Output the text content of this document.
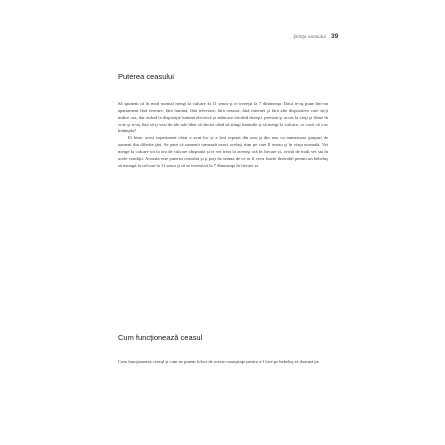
Ştiinţa somnului 39
Puterea ceasului

Să spunem că în mod normal mergi la culcare la 11 seara şi te trezeşti la 7 dimineaţa. Dacă te-aş pune într-un apartament fără ferestre, fără lumină, fără televizor, fără ceasuri, fără internet şi fără alte dispozitive care să-ţi indice ora, dar având la dispoziţie lumină electrică şi mâncare oricând doreşti, precum şi acces la cărţi şi filme în voie şi te-aş lăsa să-ţi vezi de-ale tale liber să decizi când să stingi luminile şi să mergi la culcare, ce crezi că s-ar întâmpla?

Ei bine, acest experiment chiar a avut loc şi a fost repetat din nou şi din nou cu numeroase grupuri de oameni din diferite ţări. Se pare că oamenii urmează exact acelaşi ritm pe care îl aveau şi în viaţa normală. Vei merge la culcare tot la ora de culcare obişnuită şi te vei trezi la aceeaşi oră în fiecare zi, oricât de mult vei sta în acele condiţii. Aceasta este puterea ceasului şi ţi poţi da seama de ce ar fi ceva foarte dezirabil pentru un bebeluş să meargă la culcare la 11 seara şi să se trezească la 7 dimineaţa în fiecare zi.

Cum funcţionează ceasul

Cum funcţionează ceasul şi cum ne putem folosi de aceste cunoştinţe pentru a-l face pe bebeluş să doarmă pe
